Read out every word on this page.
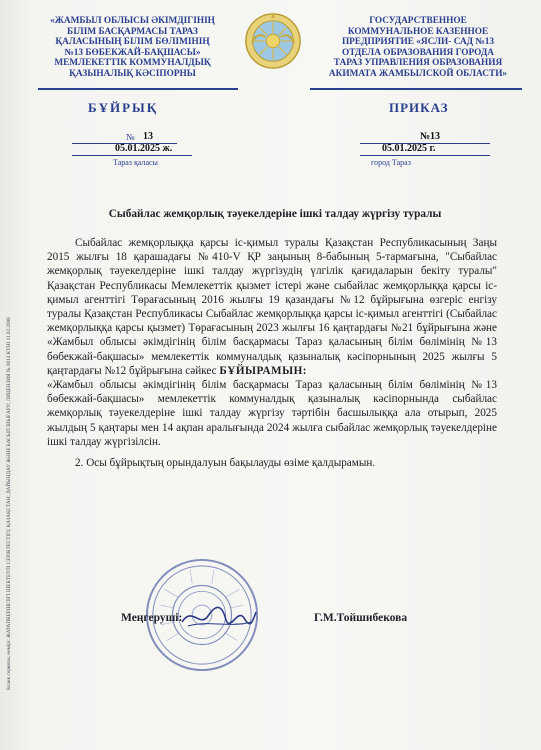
«ЖАМБЫЛ ОБЛЫСЫ ӘКІМДІГІНІҢ
БІЛІМ БАСҚАРМАСЫ ТАРАЗ
ҚАЛАСЫНЫҢ БІЛІМ БӨЛІМІНІҢ
№13 БӨБЕКЖАЙ-БАҚШАСЫ»
МЕМЛЕКЕТТІК КОММУНАЛДЫҚ
ҚАЗЫНАЛЫҚ КӘСІПОРНЫ
ГОСУДАРСТВЕННОЕ
КОММУНАЛЬНОЕ КАЗЕННОЕ
ПРЕДПРИЯТИЕ «ЯСЛИ- САД №13
ОТДЕЛА ОБРАЗОВАНИЯ ГОРОДА
ТАРАЗ УПРАВЛЕНИЯ ОБРАЗОВАНИЯ
АКИМАТА ЖАМБЫЛСКОЙ ОБЛАСТИ»
БҰЙРЫҚ	ПРИКАЗ
№ 13
05.01.2025 ж.
Тараз қаласы
№13
05.01.2025 г.
город Тараз
Сыбайлас жемқорлық тәуекелдеріне ішкі талдау жүргізу туралы

Сыбайлас жемқорлыққа қарсы іс-қимыл туралы Қазақстан Республикасының Заңы 2015 жылғы 18 қарашадағы №410-V ҚР заңының 8-бабының 5-тармағына, "Сыбайлас жемқорлық тәуекелдеріне ішкі талдау жүргізудің үлгілік қағидаларын бекіту туралы" Қазақстан Республикасы Мемлекеттік қызмет істері және сыбайлас жемқорлыққа қарсы іс-қимыл агенттігі Төрағасының 2016 жылғы 19 қазандағы №12 бұйрығына өзгеріс енгізу туралы Қазақстан Республикасы Сыбайлас жемқорлыққа қарсы іс-қимыл агенттігі (Сыбайлас жемқорлыққа қарсы қызмет) Төрағасының 2023 жылғы 16 қаңтардағы №21 бұйрығына және «Жамбыл облысы әкімдігінің білім басқармасы Тараз қаласының білім бөлімінің №13 бөбекжай-бақшасы» мемлекеттік коммуналдық қазыналық кәсіпорнының 2025 жылғы 5 қаңтардағы №12 бұйрығына сәйкес БҰЙЫРАМЫН:

«Жамбыл облысы әкімдігінің білім басқармасы Тараз қаласының білім бөлімінің №13 бөбекжай-бақшасы» мемлекеттік коммуналдық қазыналық кәсіпорнында сыбайлас жемқорлық тәуекелдеріне ішкі талдау жүргізу тәртібін басшылыққа ала отырып, 2025 жылдың 5 қаңтары мен 14 ақпан аралығында 2024 жылға сыбайлас жемқорлық тәуекелдеріне ішкі талдау жүргізілсін.

2. Осы бұйрықтың орындалуын бақылауды өзіме қалдырамын.

Меңгеруші:	Г.М.Тойшибекова
Бланк сериясы, нөмірі: ЖАУАПКЕРШІЛІГІ ШЕКТЕУЛІ СЕРІКТЕСТІГІ; ҚАЗАҚСТАН; ДАЙЫНДАУ ЖӘНЕ БАСЫП ШЫҒАРУ; ЛИЦЕНЗИЯ № 0014 КҮНІ 11.02.2008
